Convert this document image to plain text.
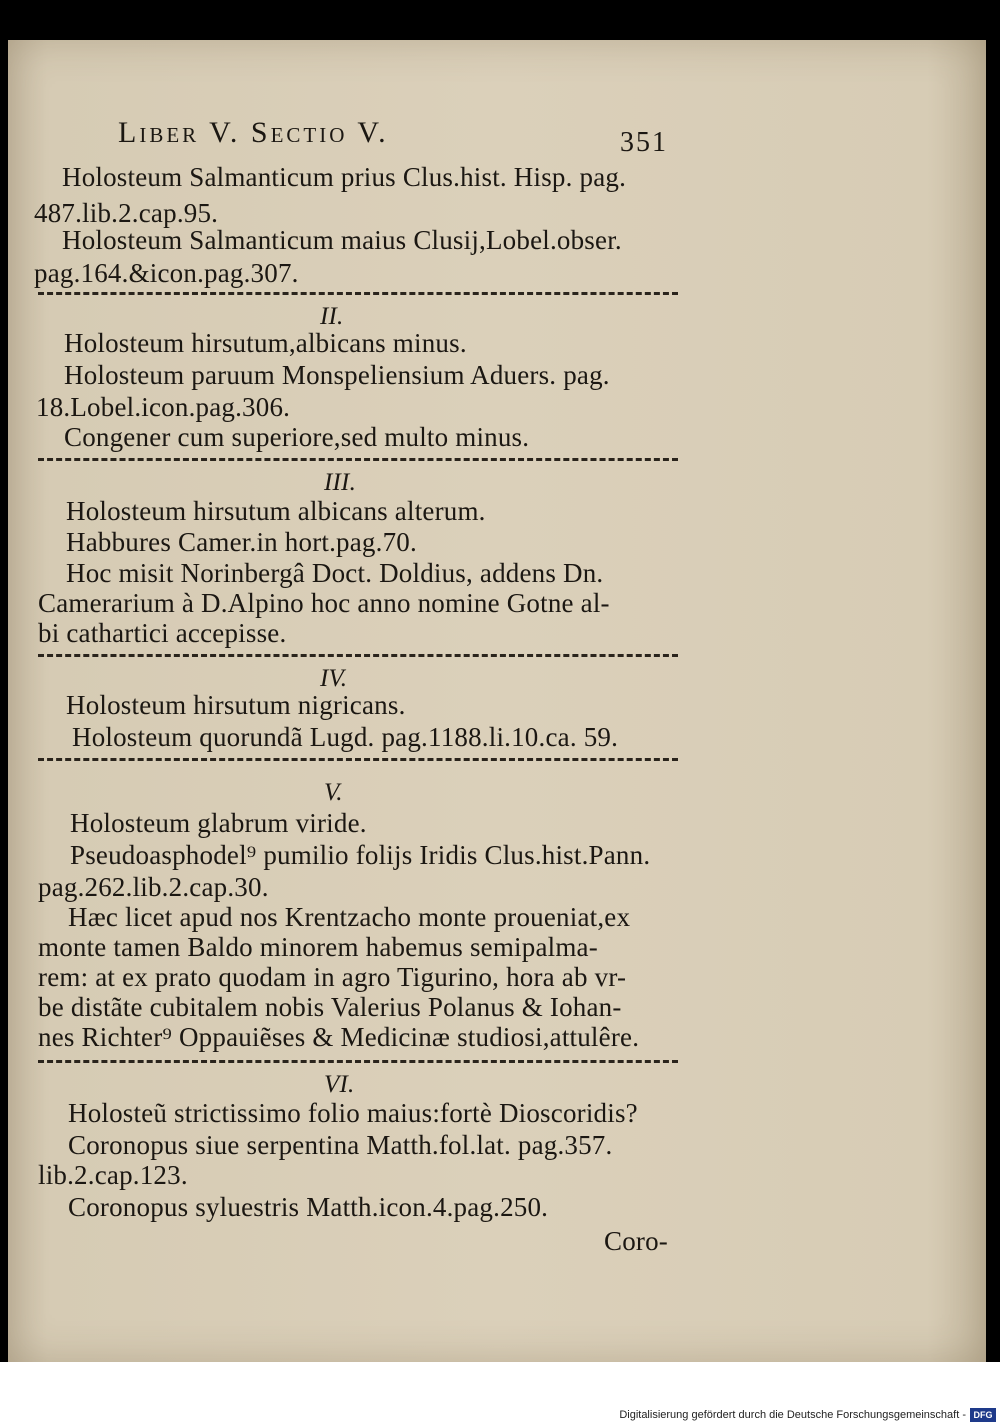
Liber V. Sectio V.	351
Holosteum Salmanticum prius Clus.hist. Hisp. pag.
487.lib.2.cap.95.
Holosteum Salmanticum maius Clusij,Lobel.obser.
pag.164.&icon.pag.307.
II.
Holosteum hirsutum,albicans minus.
Holosteum paruum Monspeliensium Aduers. pag.
18.Lobel.icon.pag.306.
Congener cum superiore,sed multo minus.
III.
Holosteum hirsutum albicans alterum.
Habbures Camer.in hort.pag.70.
Hoc misit Norinbergâ Doct. Doldius, addens Dn.
Camerarium à D.Alpino hoc anno nomine Gotne al-
bi cathartici accepisse.
IV.
Holosteum hirsutum nigricans.
Holosteum quorundã Lugd. pag.1188.li.10.ca. 59.
V.
Holosteum glabrum viride.
Pseudoasphodel⁹ pumilio folijs Iridis Clus.hist.Pann.
pag.262.lib.2.cap.30.
Hæc licet apud nos Krentzacho monte proueniat,ex
monte tamen Baldo minorem habemus semipalma-
rem: at ex prato quodam in agro Tigurino, hora ab vr-
be distãte cubitalem nobis Valerius Polanus & Iohan-
nes Richter⁹ Oppauiẽses & Medicinæ studiosi,attulêre.
VI.
Holosteũ strictissimo folio maius:fortè Dioscoridis?
Coronopus siue serpentina Matth.fol.lat. pag.357.
lib.2.cap.123.
Coronopus syluestris Matth.icon.4.pag.250.
Coro-
Digitalisierung gefördert durch die Deutsche Forschungsgemeinschaft - DFG
